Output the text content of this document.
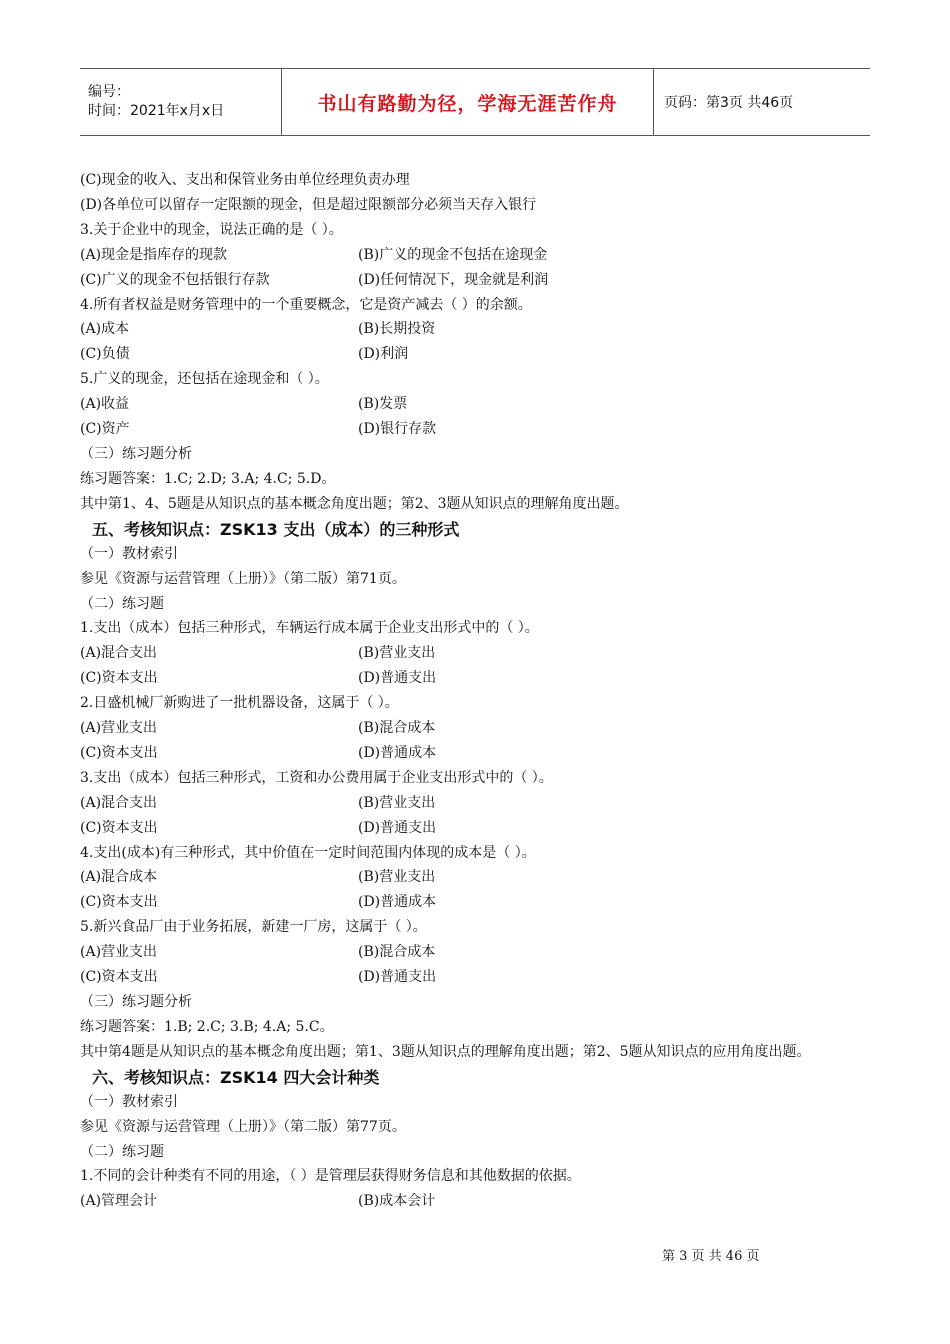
编号：
时间：2021年x月x日	书山有路勤为径，学海无涯苦作舟	页码：第3页 共46页
(C)现金的收入、支出和保管业务由单位经理负责办理
(D)各单位可以留存一定限额的现金，但是超过限额部分必须当天存入银行
3.关于企业中的现金，说法正确的是（ ）。
(A)现金是指库存的现款	(B)广义的现金不包括在途现金
(C)广义的现金不包括银行存款	(D)任何情况下，现金就是利润
4.所有者权益是财务管理中的一个重要概念，它是资产减去（ ）的余额。
(A)成本	(B)长期投资
(C)负债	(D)利润
5.广义的现金，还包括在途现金和（ ）。
(A)收益	(B)发票
(C)资产	(D)银行存款
（三）练习题分析
练习题答案：1.C; 2.D; 3.A; 4.C; 5.D。
其中第1、4、5题是从知识点的基本概念角度出题；第2、3题从知识点的理解角度出题。
五、考核知识点：ZSK13 支出（成本）的三种形式
（一）教材索引
参见《资源与运营管理（上册）》（第二版）第71页。
（二）练习题
1.支出（成本）包括三种形式，车辆运行成本属于企业支出形式中的（ ）。
(A)混合支出	(B)营业支出
(C)资本支出	(D)普通支出
2.日盛机械厂新购进了一批机器设备，这属于（ ）。
(A)营业支出	(B)混合成本
(C)资本支出	(D)普通成本
3.支出（成本）包括三种形式，工资和办公费用属于企业支出形式中的（ ）。
(A)混合支出	(B)营业支出
(C)资本支出	(D)普通支出
4.支出(成本)有三种形式，其中价值在一定时间范围内体现的成本是（ ）。
(A)混合成本	(B)营业支出
(C)资本支出	(D)普通成本
5.新兴食品厂由于业务拓展，新建一厂房，这属于（ ）。
(A)营业支出	(B)混合成本
(C)资本支出	(D)普通支出
（三）练习题分析
练习题答案：1.B; 2.C; 3.B; 4.A; 5.C。
其中第4题是从知识点的基本概念角度出题；第1、3题从知识点的理解角度出题；第2、5题从知识点的应用角度出题。
六、考核知识点：ZSK14 四大会计种类
（一）教材索引
参见《资源与运营管理（上册）》（第二版）第77页。
（二）练习题
1.不同的会计种类有不同的用途，（ ）是管理层获得财务信息和其他数据的依据。
(A)管理会计	(B)成本会计
第 3 页 共 46 页
